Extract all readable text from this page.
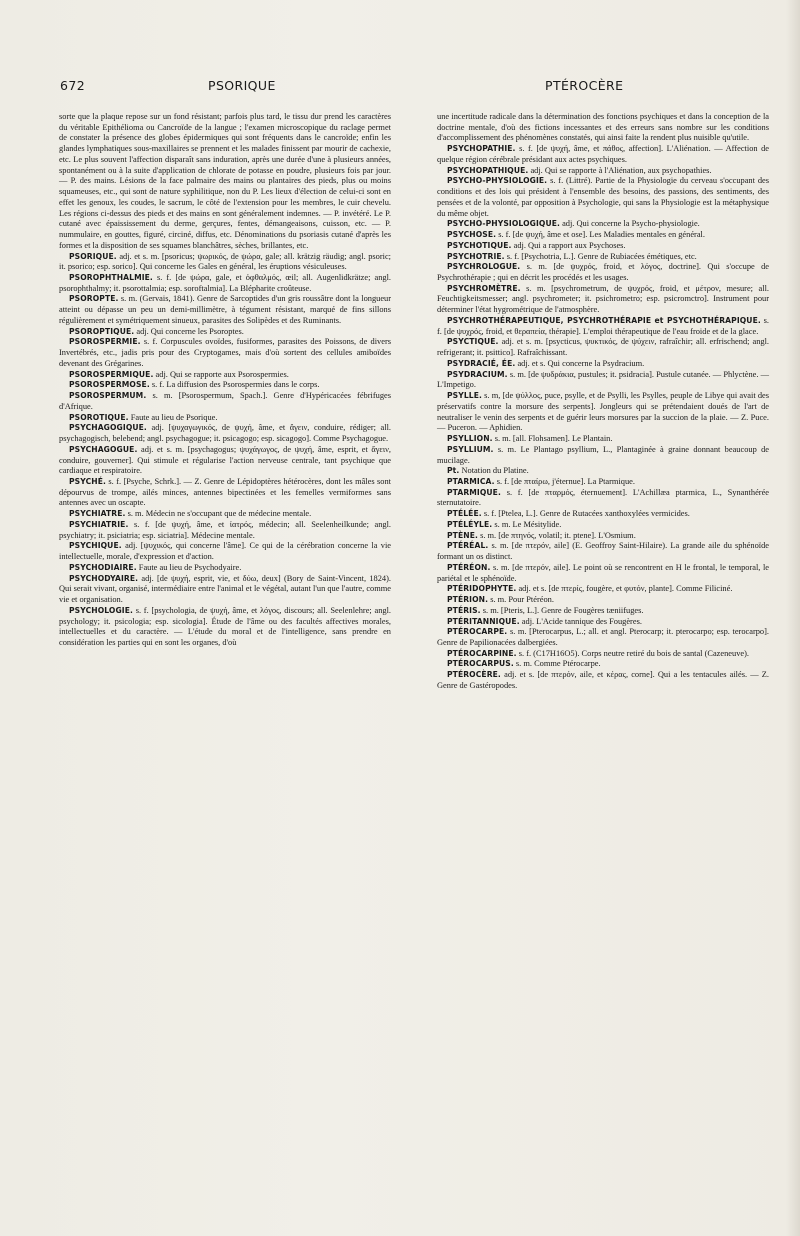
672	PSORIQUE	PTÉROCÈRE

sorte que la plaque repose sur un fond résistant; parfois plus tard, le tissu dur prend les caractères du véritable Epithélioma ou Cancroïde de la langue ; l'examen microscopique du raclage permet de constater la présence des globes épidermiques qui sont fréquents dans le cancroïde; enfin les glandes lymphatiques sous-maxillaires se prennent et les malades finissent par mourir de cachexie, etc. Le plus souvent l'affection disparaît sans induration, après une durée d'une à plusieurs années, spontanément ou à la suite d'application de chlorate de potasse en poudre, plusieurs fois par jour. — P. des mains. Lésions de la face palmaire des mains ou plantaires des pieds, plus ou moins squameuses, etc., qui sont de nature syphilitique, non du P. Les lieux d'élection de celui-ci sont en effet les genoux, les coudes, le sacrum, le côté de l'extension pour les membres, le cuir chevelu. Les régions ci-dessus des pieds et des mains en sont généralement indemnes. — P. invétéré. Le P. cutané avec épaississement du derme, gerçures, fentes, démangeaisons, cuisson, etc. — P. nummulaire, en gouttes, figuré, circiné, diffus, etc. Dénominations du psoriasis cutané d'après les formes et la disposition de ses squames blanchâtres, sèches, brillantes, etc.

PSORIQUE. adj. et s. m. [psoricus; ψωρικός, de ψώρα, gale; all. krätzig räudig; angl. psoric; it. psorico; esp. sorico]. Qui concerne les Gales en général, les éruptions vésiculeuses.

PSOROPHTHALMIE. s. f. [de ψώρα, gale, et ὀφθαλμός, œil; all. Augenlidkrätze; angl. psorophthalmy; it. psorottalmia; esp. soroftalmia]. La Blépharite croûteuse.

PSOROPTE. s. m. (Gervais, 1841). Genre de Sarcoptides d'un gris roussâtre dont la longueur atteint ou dépasse un peu un demi-millimètre, à tégument résistant, marqué de fins sillons régulièrement et symétriquement sinueux, parasites des Solipèdes et des Ruminants.

PSOROPTIQUE. adj. Qui concerne les Psoroptes.

PSOROSPERMIE. s. f. Corpuscules ovoïdes, fusiformes, parasites des Poissons, de divers Invertébrés, etc., jadis pris pour des Cryptogames, mais d'où sortent des cellules amiboïdes devenant des Grégarines.

PSOROSPERMIQUE. adj. Qui se rapporte aux Psorospermies.

PSOROSPERMOSE. s. f. La diffusion des Psorospermies dans le corps.

PSOROSPERMUM. s. m. [Psorospermum, Spach.]. Genre d'Hypéricacées fébrifuges d'Afrique.

PSOROTIQUE. Faute au lieu de Psorique.

PSYCHAGOGIQUE. adj. [ψυχαγωγικός, de ψυχή, âme, et ἄγειν, conduire, rédiger; all. psychagogisch, belebend; angl. psychagogue; it. psicagogo; esp. sicagogo]. Comme Psychagogue.

PSYCHAGOGUE. adj. et s. m. [psychagogus; ψυχάγωγος, de ψυχή, âme, esprit, et ἄγειν, conduire, gouverner]. Qui stimule et régularise l'action nerveuse centrale, tant psychique que cardiaque et respiratoire.

PSYCHÉ. s. f. [Psyche, Schrk.]. — Z. Genre de Lépidoptères hétérocères, dont les mâles sont dépourvus de trompe, ailés minces, antennes bipectinées et les femelles vermiformes sans antennes avec un oscapte.

PSYCHIATRE. s. m. Médecin ne s'occupant que de médecine mentale.

PSYCHIATRIE. s. f. [de ψυχή, âme, et ἰατρός, médecin; all. Seelenheilkunde; angl. psychiatry; it. psiciatria; esp. siciatria]. Médecine mentale.

PSYCHIQUE. adj. [ψυχικός, qui concerne l'âme]. Ce qui de la cérébration concerne la vie intellectuelle, morale, d'expression et d'action.

PSYCHODIAIRE. Faute au lieu de Psychodyaire.

PSYCHODYAIRE. adj. [de ψυχή, esprit, vie, et δύω, deux] (Bory de Saint-Vincent, 1824). Qui serait vivant, organisé, intermédiaire entre l'animal et le végétal, autant l'un que l'autre, comme vie et organisation.

PSYCHOLOGIE. s. f. [psychologia, de ψυχή, âme, et λόγος, discours; all. Seelenlehre; angl. psychology; it. psicologia; esp. sicologia]. Étude de l'âme ou des facultés affectives morales, intellectuelles et du caractère. — L'étude du moral et de l'intelligence, sans prendre en considération les parties qui en sont les organes, d'où

une incertitude radicale dans la détermination des fonctions psychiques et dans la conception de la doctrine mentale, d'où des fictions incessantes et des erreurs sans nombre sur les conditions d'accomplissement des phénomènes constatés, qui ainsi faite la rendent plus nuisible qu'utile.

PSYCHOPATHIE. s. f. [de ψυχή, âme, et πάθος, affection]. L'Aliénation. — Affection de quelque région cérébrale présidant aux actes psychiques.

PSYCHOPATHIQUE. adj. Qui se rapporte à l'Aliénation, aux psychopathies.

PSYCHO-PHYSIOLOGIE. s. f. (Littré). Partie de la Physiologie du cerveau s'occupant des conditions et des lois qui président à l'ensemble des besoins, des passions, des sentiments, des pensées et de la volonté, par opposition à Psychologie, qui sans la Physiologie est la métaphysique du même objet.

PSYCHO-PHYSIOLOGIQUE. adj. Qui concerne la Psycho-physiologie.

PSYCHOSE. s. f. [de ψυχή, âme et ose]. Les Maladies mentales en général.

PSYCHOTIQUE. adj. Qui a rapport aux Psychoses.

PSYCHOTRIE. s. f. [Psychotria, L.]. Genre de Rubiacées émétiques, etc.

PSYCHROLOGUE. s. m. [de ψυχρός, froid, et λόγος, doctrine]. Qui s'occupe de Psychrothérapie ; qui en décrit les procédés et les usages.

PSYCHROMÈTRE. s. m. [psychrometrum, de ψυχρός, froid, et μέτρον, mesure; all. Feuchtigkeitsmesser; angl. psychrometer; it. psichrometro; esp. psicromctro]. Instrument pour déterminer l'état hygrométrique de l'atmosphère.

PSYCHROTHÉRAPEUTIQUE, PSYCHROTHÉRAPIE et PSYCHOTHÉRAPIQUE. s. f. [de ψυχρός, froid, et θεραπεία, thérapie]. L'emploi thérapeutique de l'eau froide et de la glace.

PSYCTIQUE. adj. et s. m. [psycticus, ψυκτικός, de ψύχειν, rafraîchir; all. erfrischend; angl. refrigerant; it. psittico]. Rafraîchissant.

PSYDRACIÉ, ÉE. adj. et s. Qui concerne la Psydracium.

PSYDRACIUM. s. m. [de ψυδράκια, pustules; it. psidracia]. Pustule cutanée. — Phlyctène. — L'Impetigo.

PSYLLE. s. m, [de ψύλλος, puce, psylle, et de Psylli, les Psylles, peuple de Libye qui avait des préservatifs contre la morsure des serpents]. Jongleurs qui se prétendaient doués de l'art de neutraliser le venin des serpents et de guérir leurs morsures par la succion de la plaie. — Z. Puce. — Puceron. — Aphidien.

PSYLLION. s. m. [all. Flohsamen]. Le Plantain.

PSYLLIUM. s. m. Le Plantago psyllium, L., Plantaginée à graine donnant beaucoup de mucilage.

Pt. Notation du Platine.

PTARMICA. s. f. [de πταίρω, j'éternue]. La Ptarmique.

PTARMIQUE. s. f. [de πταρμός, éternuement]. L'Achillæa ptarmica, L., Synanthérée sternutatoire.

PTÉLÉE. s. f. [Ptelea, L.]. Genre de Rutacées xanthoxylées vermicides.

PTÉLÉYLE. s. m. Le Mésitylide.

PTÈNE. s. m. [de πτηνός, volatil; it. ptene]. L'Osmium.

PTÉRÉAL. s. m. [de πτερόν, aile] (E. Geoffroy Saint-Hilaire). La grande aile du sphénoïde formant un os distinct.

PTÉRÉON. s. m. [de πτερόν, aile]. Le point où se rencontrent en H le frontal, le temporal, le pariétal et le sphénoïde.

PTÉRIDOPHYTE. adj. et s. [de πτερίς, fougère, et φυτόν, plante]. Comme Filiciné.

PTÉRION. s. m. Pour Ptéréon.

PTÉRIS. s. m. [Pteris, L.]. Genre de Fougères tæniifuges.

PTÉRITANNIQUE. adj. L'Acide tannique des Fougères.

PTÉROCARPE. s. m. [Pterocarpus, L.; all. et angl. Pterocarp; it. pterocarpo; esp. terocarpo]. Genre de Papilionacées dalbergiées.

PTÉROCARPINE. s. f. (C17H16O5). Corps neutre retiré du bois de santal (Cazeneuve).

PTÉROCARPUS. s. m. Comme Ptérocarpe.

PTÉROCÈRE. adj. et s. [de πτερόν, aile, et κέρας, corne]. Qui a les tentacules ailés. — Z. Genre de Gastéropodes.
